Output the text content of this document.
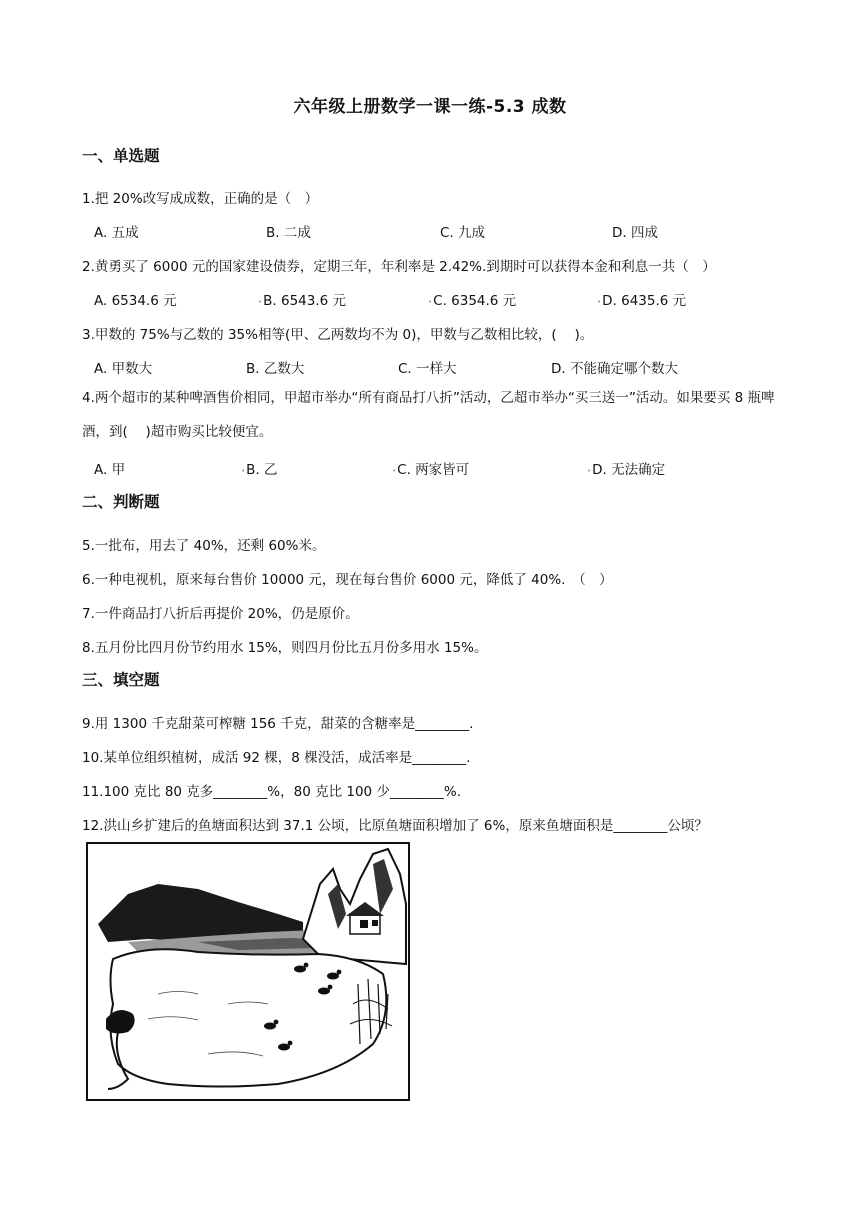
六年级上册数学一课一练-5.3 成数
一、单选题
1.把 20%改写成成数，正确的是（　）
A. 五成	B. 二成	C. 九成	D. 四成
2.黄勇买了 6000 元的国家建设债券，定期三年，年利率是 2.42%.到期时可以获得本金和利息一共（　）
A. 6534.6 元	•B. 6543.6 元	•C. 6354.6 元	•D. 6435.6 元
3.甲数的 75%与乙数的 35%相等(甲、乙两数均不为 0)，甲数与乙数相比较，(　 )。
A. 甲数大	B. 乙数大	C. 一样大	D. 不能确定哪个数大
4.两个超市的某种啤酒售价相同，甲超市举办“所有商品打八折”活动，乙超市举办“买三送一”活动。如果要买 8 瓶啤酒，到(　 )超市购买比较便宜。
A. 甲	•B. 乙	•C. 两家皆可	•D. 无法确定
二、判断题
5.一批布，用去了 40%，还剩 60%米。
6.一种电视机，原来每台售价 10000 元，现在每台售价 6000 元，降低了 40%.　（　）
7.一件商品打八折后再提价 20%，仍是原价。
8.五月份比四月份节约用水 15%，则四月份比五月份多用水 15%。
三、填空题
9.用 1300 千克甜菜可榨糖 156 千克，甜菜的含糖率是________.
10.某单位组织植树，成活 92 棵，8 棵没活，成活率是________.
11.100 克比 80 克多________%，80 克比 100 少________%.
12.洪山乡扩建后的鱼塘面积达到 37.1 公顷，比原鱼塘面积增加了 6%，原来鱼塘面积是________公顷？
